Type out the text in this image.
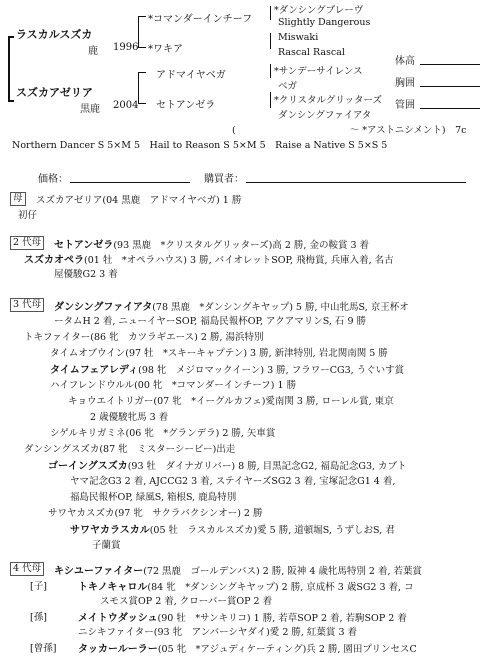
ラスカルスズカ
鹿 1996
スズカアゼリア
黒鹿 2004
*コマンダーインチーフ
*ワキア
アドマイヤベガ
セトアンゼラ
*ダンシングブレーヴ
Slightly Dangerous
Miswaki
Rascal Rascal
*サンデーサイレンス
ベガ
*クリスタルグリッターズ
ダンシングファイアタ
(　　　　　　　　　　　　～ *アストニシメント)　7c
Northern Dancer S 5×M 5　Hail to Reason S 5×M 5　Raise a Native S 5×S 5
体高
胸囲
管囲
価格：	購買者：
母	スズカアゼリア(04 黒鹿　アドマイヤベガ) 1 勝
初仔
2 代母	セトアンゼラ(93 黒鹿　*クリスタルグリッターズ)高 2 勝, 金の鞍賞 3 着
スズカオペラ(01 牡　*オペラハウス) 3 勝, バイオレットSOP, 飛梅賞, 兵庫入着, 名古
屋優駿G2 3 着
3 代母	ダンシングファイアタ(78 黒鹿　*ダンシングキヤップ) 5 勝, 中山牝馬S, 京王杯オ
ータムH 2 着, ニューイヤーSOP, 福島民報杯OP, アクアマリンS, 石 9 勝
トキファイター(86 牝　カツラギエース) 2 勝, 湯浜特別
タイムオブウイン(97 牡　*スキーキャプテン) 3 勝, 新津特別, 岩北関南関 5 勝
タイムフェアレディ(98 牝　メジロマックイーン) 3 勝, フラワーCG3, うぐいす賞
ハイフレンドウルル(00 牝　*コマンダーインチーフ) 1 勝
キョウエイトリガー(07 牝　*イーグルカフェ)愛南関 3 勝, ローレル賞, 東京
2 歳優駿牝馬 3 着
シゲルキリガミネ(06 牝　*グランデラ) 2 勝, 矢車賞
ダンシングスズカ(87 牝　ミスターシービー)出走
ゴーイングスズカ(93 牡　ダイナガリバー) 8 勝, 目黒記念G2, 福島記念G3, カブト
ヤマ記念G3 2 着, AJCCG2 3 着, ステイヤーズSG2 3 着, 宝塚記念G1 4 着,
福島民報杯OP, 緑風S, 箱根S, 鹿島特別
サワヤカスズカ(97 牝　サクラバクシンオー) 2 勝
サワヤカラスカル(05 牡　ラスカルスズカ)愛 5 勝, 道頓堀S, うずしおS, 君
子蘭賞
4 代母	キシユーファイター(72 黒鹿　ゴールデンバス) 2 勝, 阪神 4 歳牝馬特別 2 着, 若葉賞
[子]	トキノキャロル(84 牝　*ダンシングキヤップ) 2 勝, 京成杯 3 歳SG2 3 着, コ
スモス賞OP 2 着, クローバー賞OP 2 着
[孫]	メイトウダッシュ(90 牡　*サンキリコ) 1 勝, 若草SOP 2 着, 若駒SOP 2 着
ニシキファイター(93 牝　アンバーシヤダイ)愛 2 勝, 紅葉賞 3 着
[曾孫] タッカールーラー(05 牝　*アジュディケーティング)兵 2 勝, 園田プリンセスC
